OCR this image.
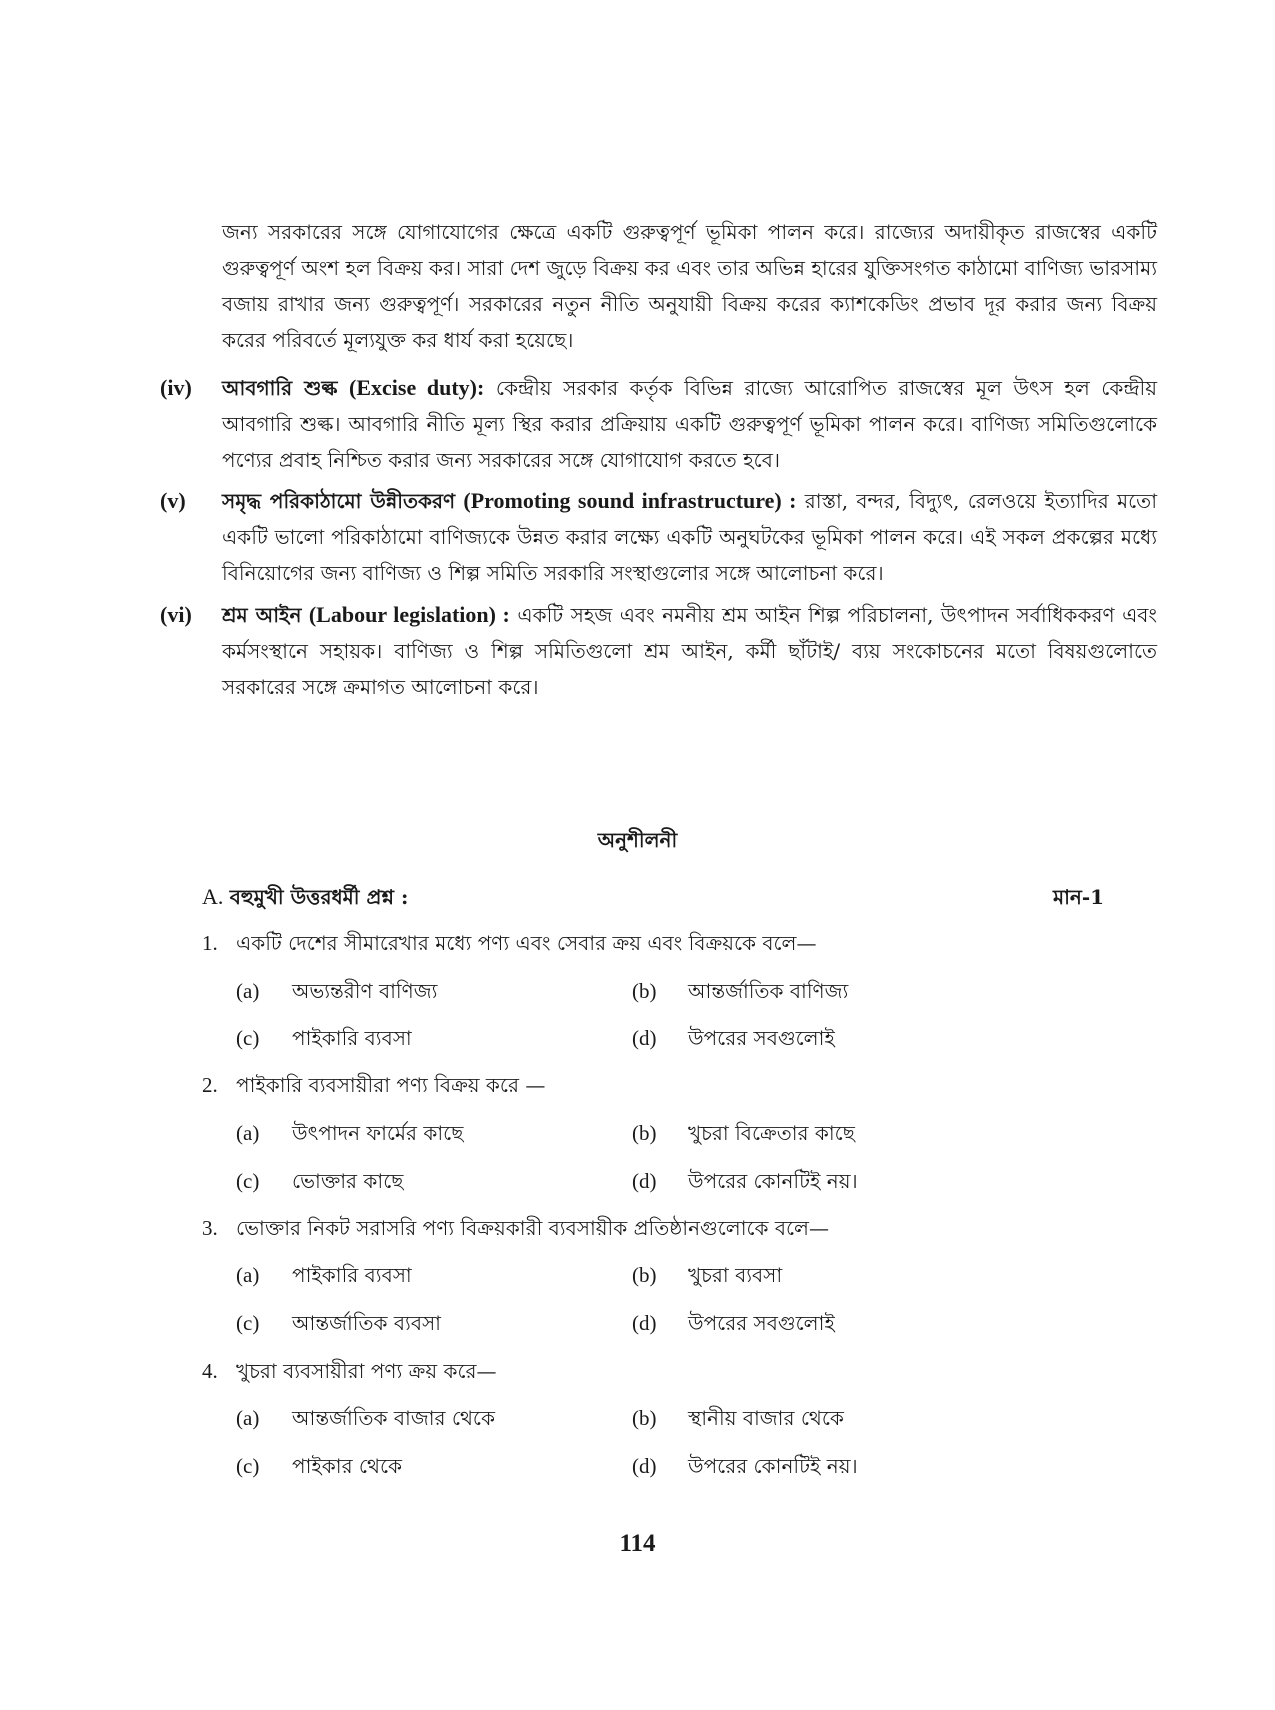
জন্য সরকারের সঙ্গে যোগাযোগের ক্ষেত্রে একটি গুরুত্বপূর্ণ ভূমিকা পালন করে। রাজ্যের অদায়ীকৃত রাজস্বের একটি গুরুত্বপূর্ণ অংশ হল বিক্রয় কর। সারা দেশ জুড়ে বিক্রয় কর এবং তার অভিন্ন হারের যুক্তিসংগত কাঠামো বাণিজ্য ভারসাম্য বজায় রাখার জন্য গুরুত্বপূর্ণ। সরকারের নতুন নীতি অনুযায়ী বিক্রয় করের ক্যাশকেডিং প্রভাব দূর করার জন্য বিক্রয় করের পরিবর্তে মূল্যযুক্ত কর ধার্য করা হয়েছে।

(iv) আবগারি শুল্ক (Excise duty): কেন্দ্রীয় সরকার কর্তৃক বিভিন্ন রাজ্যে আরোপিত রাজস্বের মূল উৎস হল কেন্দ্রীয় আবগারি শুল্ক। আবগারি নীতি মূল্য স্থির করার প্রক্রিয়ায় একটি গুরুত্বপূর্ণ ভূমিকা পালন করে। বাণিজ্য সমিতিগুলোকে পণ্যের প্রবাহ নিশ্চিত করার জন্য সরকারের সঙ্গে যোগাযোগ করতে হবে।
(v) সমৃদ্ধ পরিকাঠামো উন্নীতকরণ (Promoting sound infrastructure) : রাস্তা, বন্দর, বিদ্যুৎ, রেলওয়ে ইত্যাদির মতো একটি ভালো পরিকাঠামো বাণিজ্যকে উন্নত করার লক্ষ্যে একটি অনুঘটকের ভূমিকা পালন করে। এই সকল প্রকল্পের মধ্যে বিনিয়োগের জন্য বাণিজ্য ও শিল্প সমিতি সরকারি সংস্থাগুলোর সঙ্গে আলোচনা করে।
(vi) শ্রম আইন (Labour legislation) : একটি সহজ এবং নমনীয় শ্রম আইন শিল্প পরিচালনা, উৎপাদন সর্বাধিককরণ এবং কর্মসংস্থানে সহায়ক। বাণিজ্য ও শিল্প সমিতিগুলো শ্রম আইন, কর্মী ছাঁটাই/ ব্যয় সংকোচনের মতো বিষয়গুলোতে সরকারের সঙ্গে ক্রমাগত আলোচনা করে।
অনুশীলনী
A. বহুমুখী উত্তরধর্মী প্রশ্ন :	মান-1
1. একটি দেশের সীমারেখার মধ্যে পণ্য এবং সেবার ক্রয় এবং বিক্রয়কে বলে—
(a) অভ্যন্তরীণ বাণিজ্য	(b) আন্তর্জাতিক বাণিজ্য
(c) পাইকারি ব্যবসা	(d) উপরের সবগুলোই
2. পাইকারি ব্যবসায়ীরা পণ্য বিক্রয় করে —
(a) উৎপাদন ফার্মের কাছে	(b) খুচরা বিক্রেতার কাছে
(c) ভোক্তার কাছে	(d) উপরের কোনটিই নয়।
3. ভোক্তার নিকট সরাসরি পণ্য বিক্রয়কারী ব্যবসায়ীক প্রতিষ্ঠানগুলোকে বলে—
(a) পাইকারি ব্যবসা	(b) খুচরা ব্যবসা
(c) আন্তর্জাতিক ব্যবসা	(d) উপরের সবগুলোই
4. খুচরা ব্যবসায়ীরা পণ্য ক্রয় করে—
(a) আন্তর্জাতিক বাজার থেকে	(b) স্থানীয় বাজার থেকে
(c) পাইকার থেকে	(d) উপরের কোনটিই নয়।
114
